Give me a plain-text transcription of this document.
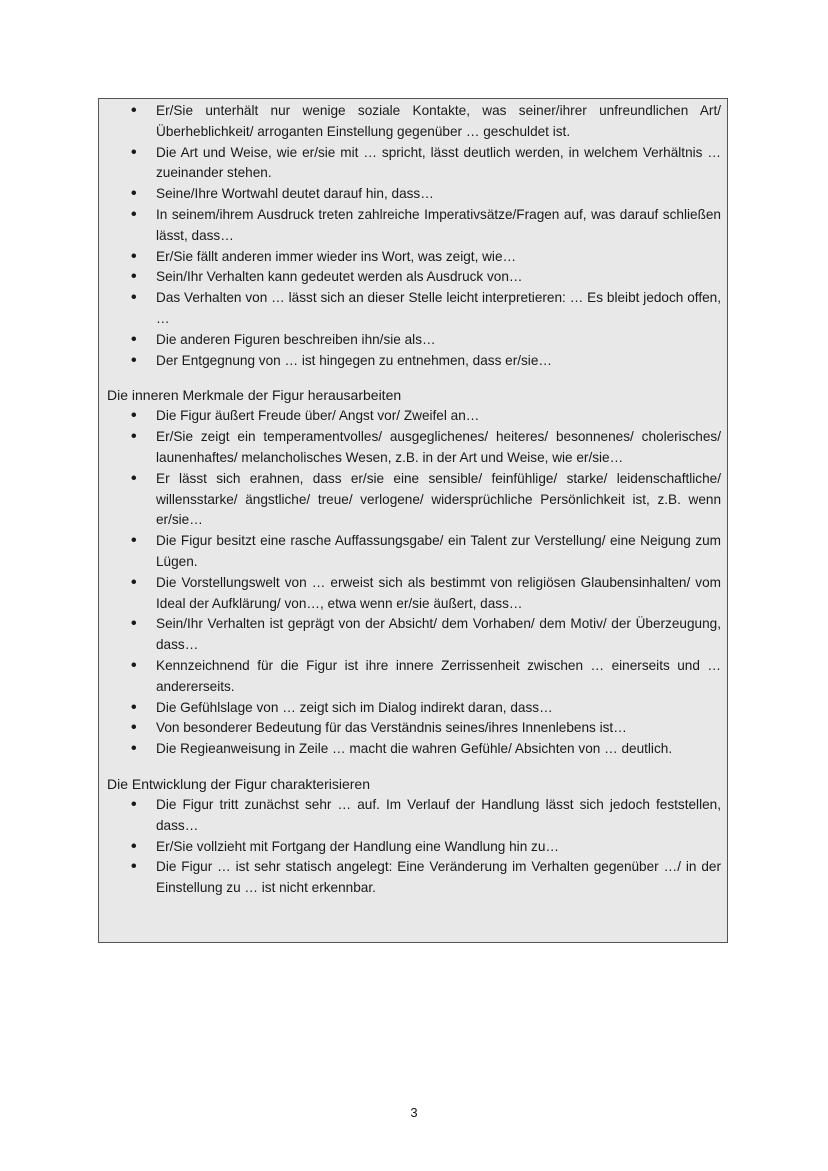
• Er/Sie unterhält nur wenige soziale Kontakte, was seiner/ihrer unfreundlichen Art/ Überheblichkeit/ arroganten Einstellung gegenüber … geschuldet ist.
• Die Art und Weise, wie er/sie mit … spricht, lässt deutlich werden, in welchem Verhältnis … zueinander stehen.
• Seine/Ihre Wortwahl deutet darauf hin, dass…
• In seinem/ihrem Ausdruck treten zahlreiche Imperativsätze/Fragen auf, was darauf schließen lässt, dass…
• Er/Sie fällt anderen immer wieder ins Wort, was zeigt, wie…
• Sein/Ihr Verhalten kann gedeutet werden als Ausdruck von…
• Das Verhalten von … lässt sich an dieser Stelle leicht interpretieren: … Es bleibt jedoch offen, …
• Die anderen Figuren beschreiben ihn/sie als…
• Der Entgegnung von … ist hingegen zu entnehmen, dass er/sie…
Die inneren Merkmale der Figur herausarbeiten
• Die Figur äußert Freude über/ Angst vor/ Zweifel an…
• Er/Sie zeigt ein temperamentvolles/ ausgeglichenes/ heiteres/ besonnenes/ cholerisches/ launenhaftes/ melancholisches Wesen, z.B. in der Art und Weise, wie er/sie…
• Er lässt sich erahnen, dass er/sie eine sensible/ feinfühlige/ starke/ leidenschaftliche/ willensstarke/ ängstliche/ treue/ verlogene/ widersprüchliche Persönlichkeit ist, z.B. wenn er/sie…
• Die Figur besitzt eine rasche Auffassungsgabe/ ein Talent zur Verstellung/ eine Neigung zum Lügen.
• Die Vorstellungswelt von … erweist sich als bestimmt von religiösen Glaubensinhalten/ vom Ideal der Aufklärung/ von…, etwa wenn er/sie äußert, dass…
• Sein/Ihr Verhalten ist geprägt von der Absicht/ dem Vorhaben/ dem Motiv/ der Überzeugung, dass…
• Kennzeichnend für die Figur ist ihre innere Zerrissenheit zwischen … einerseits und … andererseits.
• Die Gefühlslage von … zeigt sich im Dialog indirekt daran, dass…
• Von besonderer Bedeutung für das Verständnis seines/ihres Innenlebens ist…
• Die Regieanweisung in Zeile … macht die wahren Gefühle/ Absichten von … deutlich.
Die Entwicklung der Figur charakterisieren
• Die Figur tritt zunächst sehr … auf. Im Verlauf der Handlung lässt sich jedoch feststellen, dass…
• Er/Sie vollzieht mit Fortgang der Handlung eine Wandlung hin zu…
• Die Figur … ist sehr statisch angelegt: Eine Veränderung im Verhalten gegenüber …/ in der Einstellung zu … ist nicht erkennbar.
3
